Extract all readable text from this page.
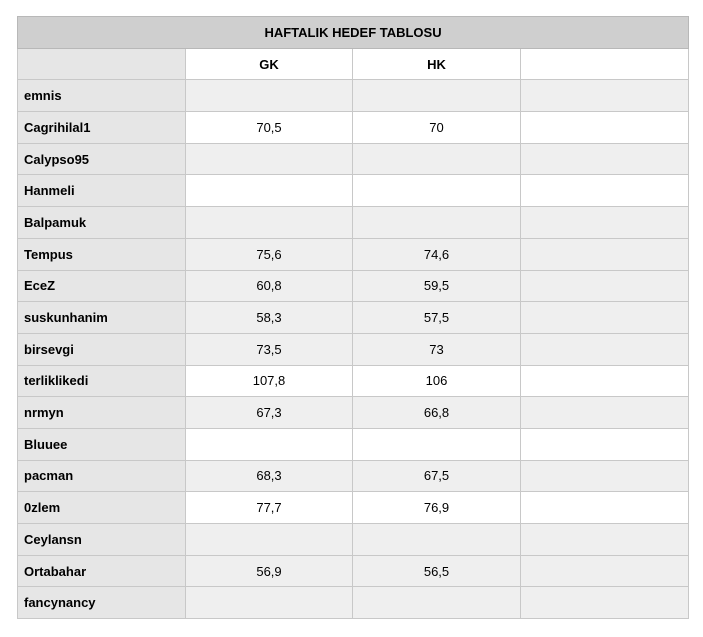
HAFTALIK HEDEF TABLOSU			
	GK	HK	
emnis			
Cagrihilal1	70,5	70	
Calypso95			
Hanmeli			
Balpamuk			
Tempus	75,6	74,6	
EceZ	60,8	59,5	
suskunhanim	58,3	57,5	
birsevgi	73,5	73	
terliklikedi	107,8	106	
nrmyn	67,3	66,8	
Bluuee			
pacman	68,3	67,5	
0zlem	77,7	76,9	
Ceylansn			
Ortabahar	56,9	56,5	
fancynancy			
